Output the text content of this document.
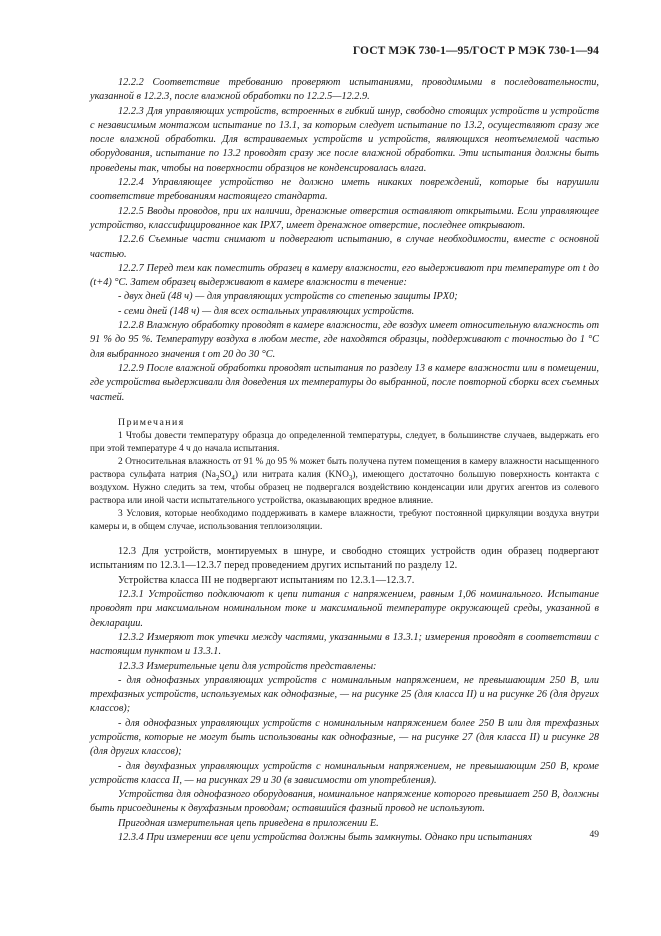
ГОСТ МЭК 730-1—95/ГОСТ Р МЭК 730-1—94

12.2.2 Соответствие требованию проверяют испытаниями, проводимыми в последовательности, указанной в 12.2.3, после влажной обработки по 12.2.5—12.2.9.

12.2.3 Для управляющих устройств, встроенных в гибкий шнур, свободно стоящих устройств и устройств с независимым монтажом испытание по 13.1, за которым следует испытание по 13.2, осуществляют сразу же после влажной обработки. Для встраиваемых устройств и устройств, являющихся неотъемлемой частью оборудования, испытание по 13.2 проводят сразу же после влажной обработки. Эти испытания должны быть проведены так, чтобы на поверхности образцов не конденсировалась влага.

12.2.4 Управляющее устройство не должно иметь никаких повреждений, которые бы нарушили соответствие требованиям настоящего стандарта.

12.2.5 Вводы проводов, при их наличии, дренажные отверстия оставляют открытыми. Если управляющее устройство, классифицированное как IPX7, имеет дренажное отверстие, последнее открывают.

12.2.6 Съемные части снимают и подвергают испытанию, в случае необходимости, вместе с основной частью.

12.2.7 Перед тем как поместить образец в камеру влажности, его выдерживают при температуре от t до (t+4) °С. Затем образец выдерживают в камере влажности в течение:

- двух дней (48 ч) — для управляющих устройств со степенью защиты IPX0;

- семи дней (148 ч) — для всех остальных управляющих устройств.

12.2.8 Влажную обработку проводят в камере влажности, где воздух имеет относительную влажность от 91 % до 95 %. Температуру воздуха в любом месте, где находятся образцы, поддерживают с точностью до 1 °С для выбранного значения t от 20 до 30 °С.

12.2.9 После влажной обработки проводят испытания по разделу 13 в камере влажности или в помещении, где устройства выдерживали для доведения их температуры до выбранной, после повторной сборки всех съемных частей.

Примечания

1 Чтобы довести температуру образца до определенной температуры, следует, в большинстве случаев, выдержать его при этой температуре 4 ч до начала испытания.

2 Относительная влажность от 91 % до 95 % может быть получена путем помещения в камеру влажности насыщенного раствора сульфата натрия $(Na_2SO_4)$ или нитрата калия $(KNO_3)$, имеющего достаточно большую поверхность контакта с воздухом. Нужно следить за тем, чтобы образец не подвергался воздействию конденсации или других агентов из солевого раствора или иной части испытательного устройства, оказывающих вредное влияние.

3 Условия, которые необходимо поддерживать в камере влажности, требуют постоянной циркуляции воздуха внутри камеры и, в общем случае, использования теплоизоляции.

12.3 Для устройств, монтируемых в шнуре, и свободно стоящих устройств один образец подвергают испытаниям по 12.3.1—12.3.7 перед проведением других испытаний по разделу 12.

Устройства класса III не подвергают испытаниям по 12.3.1—12.3.7.

12.3.1 Устройство подключают к цепи питания с напряжением, равным 1,06 номинального. Испытание проводят при максимальном номинальном токе и максимальной температуре окружающей среды, указанной в декларации.

12.3.2 Измеряют ток утечки между частями, указанными в 13.3.1; измерения проводят в соответствии с настоящим пунктом и 13.3.1.

12.3.3 Измерительные цепи для устройств представлены:

- для однофазных управляющих устройств с номинальным напряжением, не превышающим 250 В, или трехфазных устройств, используемых как однофазные, — на рисунке 25 (для класса II) и на рисунке 26 (для других классов);

- для однофазных управляющих устройств с номинальным напряжением более 250 В или для трехфазных устройств, которые не могут быть использованы как однофазные, — на рисунке 27 (для класса II) и рисунке 28 (для других классов);

- для двухфазных управляющих устройств с номинальным напряжением, не превышающим 250 В, кроме устройств класса II, — на рисунках 29 и 30 (в зависимости от употребления).

Устройства для однофазного оборудования, номинальное напряжение которого превышает 250 В, должны быть присоединены к двухфазным проводам; оставшийся фазный провод не используют.

Пригодная измерительная цепь приведена в приложении Е.

12.3.4 При измерении все цепи устройства должны быть замкнуты. Однако при испытаниях	49
